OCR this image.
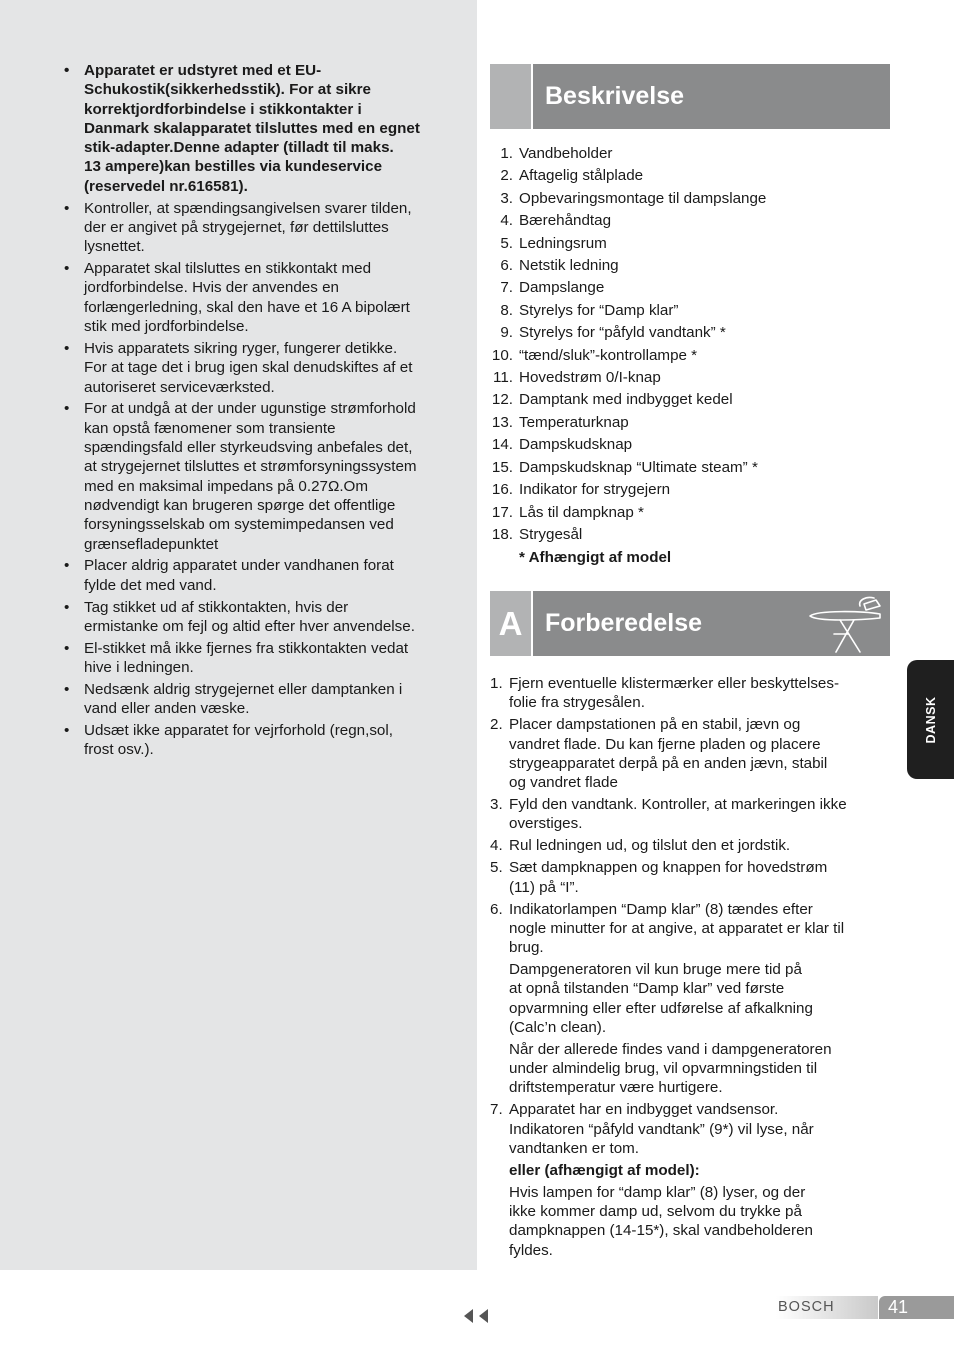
• Apparatet er udstyret med et EU-
Schukostik(sikkerhedsstik). For at sikre
korrektjordforbindelse i stikkontakter i
Danmark skalapparatet tilsluttes med en egnet
stik-adapter.Denne adapter (tilladt til maks.
13 ampere)kan bestilles via kundeservice
(reservedel nr.616581).
• Kontroller, at spændingsangivelsen svarer tilden,
der er angivet på strygejernet, før dettilsluttes
lysnettet.
• Apparatet skal tilsluttes en stikkontakt med
jordforbindelse. Hvis der anvendes en
forlængerledning, skal den have et 16 A bipolært
stik med jordforbindelse.
• Hvis apparatets sikring ryger, fungerer detikke.
For at tage det i brug igen skal denudskiftes af et
autoriseret serviceværksted.
• For at undgå at der under ugunstige strømforhold
kan opstå fænomener som transiente
spændingsfald eller styrkeudsving anbefales det,
at strygejernet tilsluttes et strømforsyningssystem
med en maksimal impedans på 0.27Ω.Om
nødvendigt kan brugeren spørge det offentlige
forsyningsselskab om systemimpedansen ved
grænsefladepunktet
• Placer aldrig apparatet under vandhanen forat
fylde det med vand.
• Tag stikket ud af stikkontakten, hvis der
ermistanke om fejl og altid efter hver anvendelse.
• El-stikket må ikke fjernes fra stikkontakten vedat
hive i ledningen.
• Nedsænk aldrig strygejernet eller damptanken i
vand eller anden væske.
• Udsæt ikke apparatet for vejrforhold (regn,sol,
frost osv.).
Beskrivelse
1. Vandbeholder
2. Aftagelig stålplade
3. Opbevaringsmontage til dampslange
4. Bærehåndtag
5. Ledningsrum
6. Netstik ledning
7. Dampslange
8. Styrelys for “Damp klar”
9. Styrelys for “påfyld vandtank” *
10. “tænd/sluk”-kontrollampe *
11. Hovedstrøm 0/I-knap
12. Damptank med indbygget kedel
13. Temperaturknap
14. Dampskudsknap
15. Dampskudsknap “Ultimate steam” *
16. Indikator for strygejern
17. Lås til dampknap *
18. Strygesål
* Afhængigt af model
A Forberedelse
1. Fjern eventuelle klistermærker eller beskyttelses-
folie fra strygesålen.
2. Placer dampstationen på en stabil, jævn og
vandret flade. Du kan fjerne pladen og placere
strygeapparatet derpå på en anden jævn, stabil
og vandret flade
3. Fyld den vandtank. Kontroller, at markeringen ikke
overstiges.
4. Rul ledningen ud, og tilslut den et jordstik.
5. Sæt dampknappen og knappen for hovedstrøm
(11) på “I”.
6. Indikatorlampen “Damp klar” (8) tændes efter
nogle minutter for at angive, at apparatet er klar til
brug.

Dampgeneratoren vil kun bruge mere tid på
at opnå tilstanden “Damp klar” ved første
opvarmning eller efter udførelse af afkalkning
(Calc’n clean).

Når der allerede findes vand i dampgeneratoren
under almindelig brug, vil opvarmningstiden til
driftstemperatur være hurtigere.

7. Apparatet har en indbygget vandsensor.
Indikatoren “påfyld vandtank” (9*) vil lyse, når
vandtanken er tom.

eller (afhængigt af model):

Hvis lampen for “damp klar” (8) lyser, og der
ikke kommer damp ud, selvom du trykke på
dampknappen (14-15*), skal vandbeholderen
fyldes.

DANSK
BOSCH	41
